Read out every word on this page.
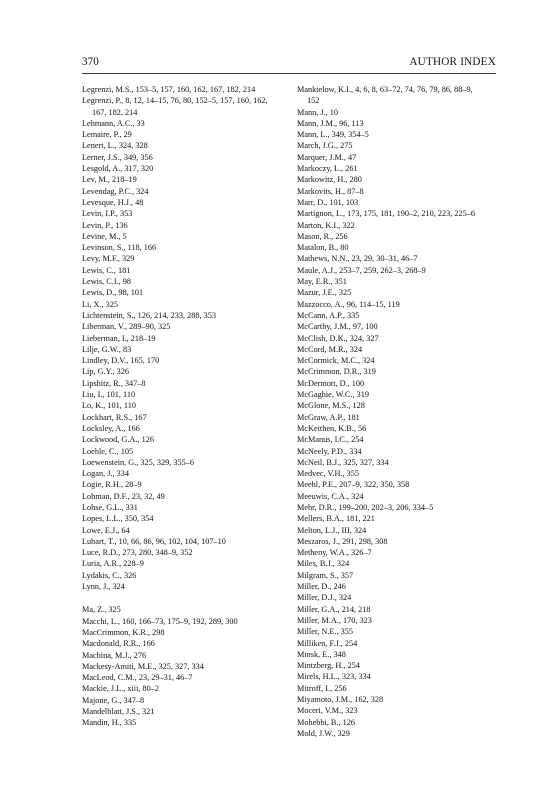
370	AUTHOR INDEX

Legrenzi, M.S., 153–5, 157, 160, 162, 167, 182, 214

Legrenzi, P., 8, 12, 14–15, 76, 80, 152–5, 157, 160, 162, 167, 182, 214

Lehmann, A.C., 33

Lemaire, P., 29

Lenert, L., 324, 328

Lerner, J.S., 349, 356

Lesgold, A., 317, 320

Lev, M., 218–19

Levendag, P.C., 324

Levesque, H.J., 48

Levin, I.P., 353

Levin, P., 136

Levine, M., 5

Levinson, S., 118, 166

Levy, M.F., 329

Lewis, C., 181

Lewis, C.I., 98

Lewis, D., 98, 101

Li, X., 325

Lichtenstein, S., 126, 214, 233, 288, 353

Liberman, V., 289–90, 325

Lieberman, I., 218–19

Lilje, G.W., 83

Lindley, D.V., 165, 170

Lip, G.Y., 326

Lipshitz, R., 347–8

Liu, I., 101, 110

Lo, K., 101, 110

Lockhart, R.S., 167

Locksley, A., 166

Lockwood, G.A., 126

Loehle, C., 105

Loewenstein, G., 325, 329, 355–6

Logan, J., 334

Logie, R.H., 28–9

Lohman, D.F., 23, 32, 49

Lohse, G.L., 331

Lopes, L.L., 350, 354

Lowe, E.J., 64

Lubart, T., 10, 66, 86, 96, 102, 104, 107–10

Luce, R.D., 273, 280, 348–9, 352

Luria, A.R., 228–9

Lydakis, C., 326

Lynn, J., 324

Ma, Z., 325

Macchi, L., 160, 166–73, 175–9, 192, 289, 300

MacCrimmon, K.R., 298

Macdonald, R.R., 166

Machina, M.J., 276

Mackesy-Amiti, M.E., 325, 327, 334

MacLeod, C.M., 23, 29–31, 46–7

Mackie, J.L., xiii, 80–2

Majone, G., 347–8

Mandelblatt, J.S., 321

Mandin, H., 335

Manktelow, K.I., 4, 6, 8, 63–72, 74, 76, 79, 86, 88–9, 152

Mann, J., 10

Mann, J.M., 96, 113

Mann, L., 349, 354–5

March, J.G., 275

Marquer, J.M., 47

Markoczy, L., 261

Markowitz, H., 280

Markovits, H., 87–8

Marr, D., 101, 103

Martignon, L., 173, 175, 181, 190–2, 210, 223, 225–6

Marton, K.I., 322

Mason, R., 256

Matalon, B., 80

Mathews, N.N., 23, 29, 30–31, 46–7

Maule, A.J., 253–7, 259, 262–3, 268–9

May, E.R., 351

Mazur, J.E., 325

Mazzocco, A., 96, 114–15, 119

McCann, A.P., 335

McCarthy, J.M., 97, 100

McClish, D.K., 324, 327

McCord, M.R., 324

McCormick, M.C., 324

McCrimmon, D.R., 319

McDermott, D., 100

McGaghie, W.C., 319

McGlone, M.S., 128

McGraw, A.P., 181

McKeithen, K.B., 56

McManus, I.C., 254

McNeely, P.D., 334

McNeil, B.J., 325, 327, 334

Medvec, V.H., 355

Meehl, P.E., 207–9, 322, 350, 358

Meeuwis, C.A., 324

Mehr, D.R., 199–200, 202–3, 206, 334–5

Mellers, B.A., 181, 221

Melton, L.J., III, 324

Meszaros, J., 291, 298, 308

Metheny, W.A., 326–7

Miles, B.J., 324

Milgram, S., 357

Miller, D., 246

Miller, D.J., 324

Miller, G.A., 214, 218

Miller, M.A., 170, 323

Miller, N.E., 355

Milliken, F.J., 254

Minsk, E., 348

Mintzberg, H., 254

Mirels, H.L., 323, 334

Mitroff, I., 256

Miyamoto, J.M., 162, 328

Moceri, V.M., 323

Mohebbi, B., 126

Mold, J.W., 329
